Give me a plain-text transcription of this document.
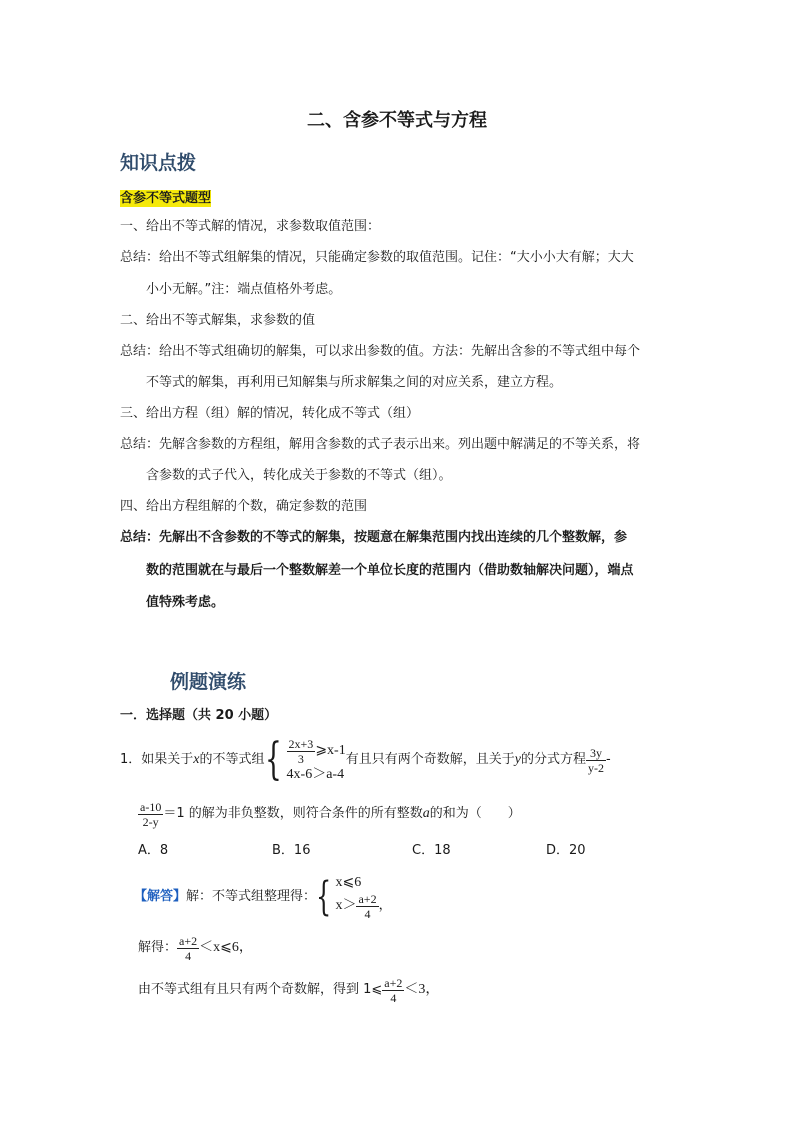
二、含参不等式与方程
知识点拨
含参不等式题型
一、给出不等式解的情况，求参数取值范围：
总结：给出不等式组解集的情况，只能确定参数的取值范围。记住：“大小小大有解；大大
小小无解。”注：端点值格外考虑。
二、给出不等式解集，求参数的值
总结：给出不等式组确切的解集，可以求出参数的值。方法：先解出含参的不等式组中每个
不等式的解集，再利用已知解集与所求解集之间的对应关系，建立方程。
三、给出方程（组）解的情况，转化成不等式（组）
总结：先解含参数的方程组，解用含参数的式子表示出来。列出题中解满足的不等关系，将
含参数的式子代入，转化成关于参数的不等式（组）。
四、给出方程组解的个数，确定参数的范围
总结：先解出不含参数的不等式的解集，按题意在解集范围内找出连续的几个整数解，参
数的范围就在与最后一个整数解差一个单位长度的范围内（借助数轴解决问题），端点
值特殊考虑。
例题演练
一．选择题（共 20 小题）
1． 如果关于 x 的不等式组 { $\frac{2x+3}{3}$ ⩾x-1
4x-6＞a-4
有且只有两个奇数解，且关于 y 的分式方程 $\frac{3y}{y-2}$ -
$\frac{a-10}{2-y} =1$ 的解为非负整数，则符合条件的所有整数 a 的和为（　　）
A．8	B．16	C．18	D．20
【解答】 解：不等式组整理得： { x⩽6
$x> \frac{a+2}{4}$ ，
解得： $\frac{a+2}{4}$ ＜x⩽6，
由不等式组有且只有两个奇数解，得到 1⩽ $\frac{a+2}{4} <3$，
